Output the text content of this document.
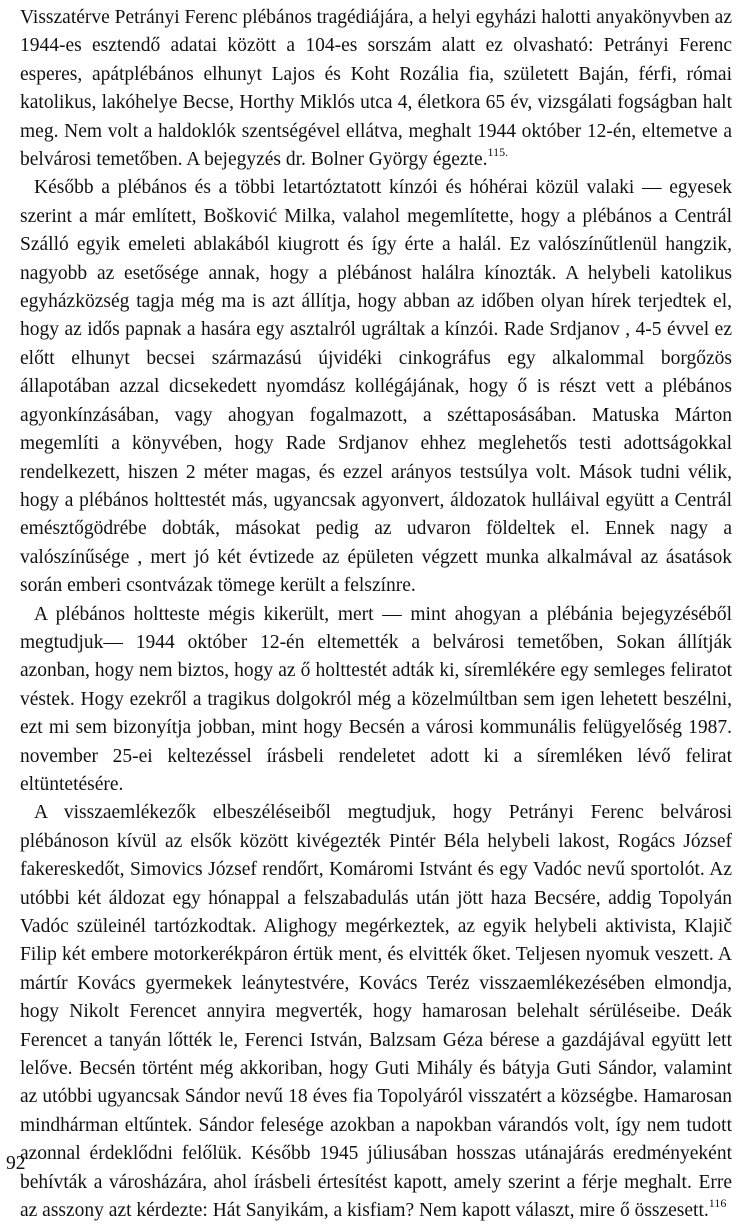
Visszatérve Petrányi Ferenc plébános tragédiájára, a helyi egyházi halotti anyakönyvben az 1944-es esztendő adatai között a 104-es sorszám alatt ez olvasható: Petrányi Ferenc esperes, apátplébános elhunyt Lajos és Koht Rozália fia, született Baján, férfi, római katolikus, lakóhelye Becse, Horthy Miklós utca 4, életkora 65 év, vizsgálati fogságban halt meg. Nem volt a haldoklók szentségével ellátva, meghalt 1944 október 12-én, eltemetve a belvárosi temetőben. A bejegyzés dr. Bolner György égezte.$^{115.}$

Később a plébános és a többi letartóztatott kínzói és hóhérai közül valaki — egyesek szerint a már említett, Bošković Milka, valahol megemlítette, hogy a plébános a Centrál Szálló egyik emeleti ablakából kiugrott és így érte a halál. Ez valószínűtlenül hangzik, nagyobb az esetősége annak, hogy a plébánost halálra kínozták. A helybeli katolikus egyházközség tagja még ma is azt állítja, hogy abban az időben olyan hírek terjedtek el, hogy az idős papnak a hasára egy asztalról ugráltak a kínzói. Rade Srdjanov , 4-5 évvel ez előtt elhunyt becsei származású újvidéki cinkográfus egy alkalommal borgőzös állapotában azzal dicsekedett nyomdász kollégájának, hogy ő is részt vett a plébános agyonkínzásában, vagy ahogyan fogalmazott, a széttaposásában. Matuska Márton megemlíti a könyvében, hogy Rade Srdjanov ehhez meglehetős testi adottságokkal rendelkezett, hiszen 2 méter magas, és ezzel arányos testsúlya volt. Mások tudni vélik, hogy a plébános holttestét más, ugyancsak agyonvert, áldozatok hulláival együtt a Centrál emésztőgödrébe dobták, másokat pedig az udvaron földeltek el. Ennek nagy a valószínűsége , mert jó két évtizede az épületen végzett munka alkalmával az ásatások során emberi csontvázak tömege került a felszínre.

A plébános holtteste mégis kikerült, mert — mint ahogyan a plébánia bejegyzéséből megtudjuk— 1944 október 12-én eltemették a belvárosi temetőben, Sokan állítják azonban, hogy nem biztos, hogy az ő holttestét adták ki, síremlékére egy semleges feliratot véstek. Hogy ezekről a tragikus dolgokról még a közelmúltban sem igen lehetett beszélni, ezt mi sem bizonyítja jobban, mint hogy Becsén a városi kommunális felügyelőség 1987. november 25-ei keltezéssel írásbeli rendeletet adott ki a síremléken lévő felirat eltüntetésére.

A visszaemlékezők elbeszéléseiből megtudjuk, hogy Petrányi Ferenc belvárosi plébánoson kívül az elsők között kivégezték Pintér Béla helybeli lakost, Rogács József fakereskedőt, Simovics József rendőrt, Komáromi Istvánt és egy Vadóc nevű sportolót. Az utóbbi két áldozat egy hónappal a felszabadulás után jött haza Becsére, addig Topolyán Vadóc szüleinél tartózkodtak. Alighogy megérkeztek, az egyik helybeli aktivista, Klajič Filip két embere motorkerékpáron értük ment, és elvitték őket. Teljesen nyomuk veszett. A mártír Kovács gyermekek leánytestvére, Kovács Teréz visszaemlékezésében elmondja, hogy Nikolt Ferencet annyira megverték, hogy hamarosan belehalt sérüléseibe. Deák Ferencet a tanyán lőtték le, Ferenci István, Balzsam Géza bérese a gazdájával együtt lett lelőve. Becsén történt még akkoriban, hogy Guti Mihály és bátyja Guti Sándor, valamint az utóbbi ugyancsak Sándor nevű 18 éves fia Topolyáról visszatért a községbe. Hamarosan mindhárman eltűntek. Sándor felesége azokban a napokban várandós volt, így nem tudott azonnal érdeklődni felőlük. Később 1945 júliusában hosszas utánajárás eredményeként behívták a városházára, ahol írásbeli értesítést kapott, amely szerint a férje meghalt. Erre az asszony azt kérdezte: Hát Sanyikám, a kisfiam? Nem kapott választ, mire ő összesett.$^{116}$

92
